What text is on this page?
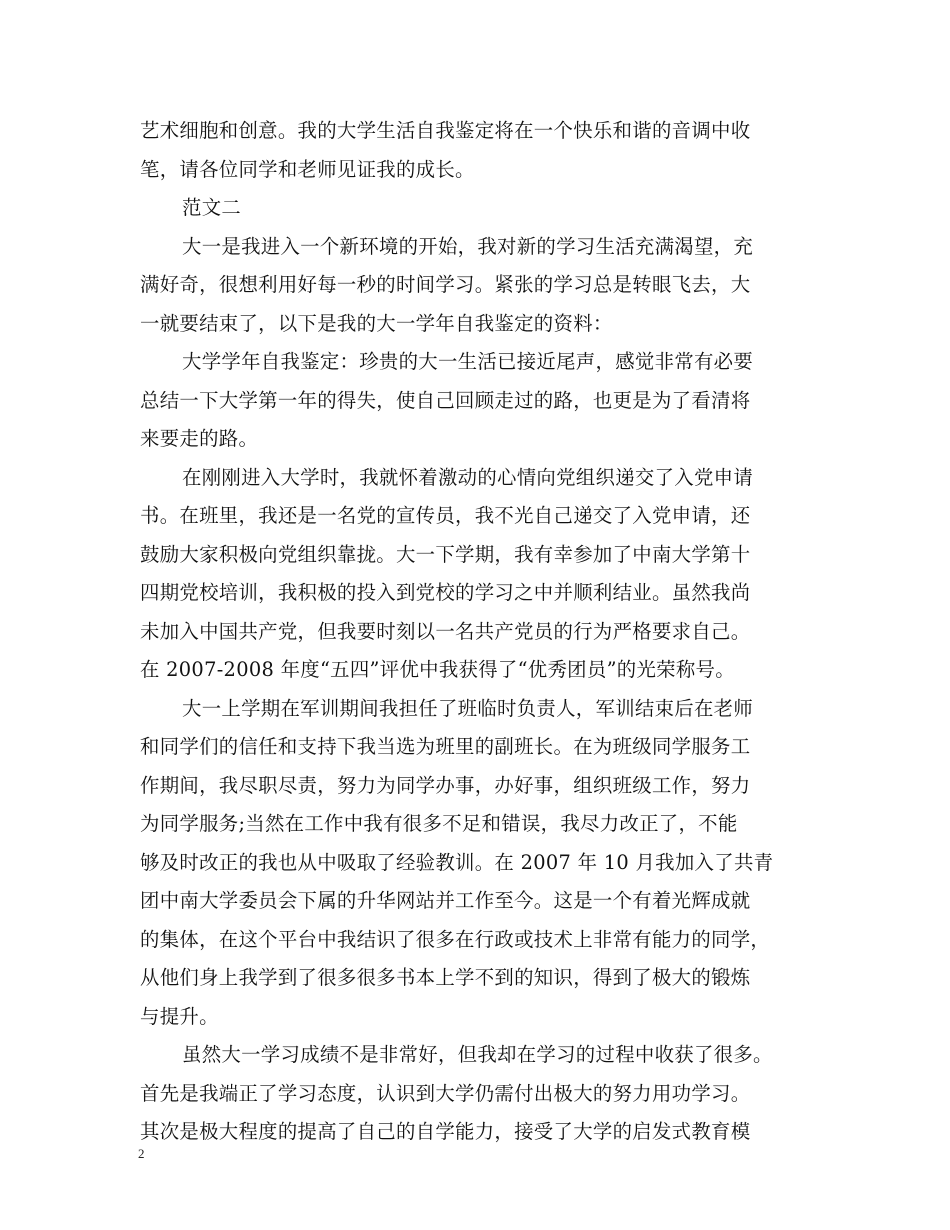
艺术细胞和创意。我的大学生活自我鉴定将在一个快乐和谐的音调中收
笔，请各位同学和老师见证我的成长。
范文二
大一是我进入一个新环境的开始，我对新的学习生活充满渴望，充
满好奇，很想利用好每一秒的时间学习。紧张的学习总是转眼飞去，大
一就要结束了，以下是我的大一学年自我鉴定的资料：
大学学年自我鉴定：珍贵的大一生活已接近尾声，感觉非常有必要
总结一下大学第一年的得失，使自己回顾走过的路，也更是为了看清将
来要走的路。
在刚刚进入大学时，我就怀着激动的心情向党组织递交了入党申请
书。在班里，我还是一名党的宣传员，我不光自己递交了入党申请，还
鼓励大家积极向党组织靠拢。大一下学期，我有幸参加了中南大学第十
四期党校培训，我积极的投入到党校的学习之中并顺利结业。虽然我尚
未加入中国共产党，但我要时刻以一名共产党员的行为严格要求自己。
在 2007-2008 年度“五四”评优中我获得了“优秀团员”的光荣称号。
大一上学期在军训期间我担任了班临时负责人，军训结束后在老师
和同学们的信任和支持下我当选为班里的副班长。在为班级同学服务工
作期间，我尽职尽责，努力为同学办事，办好事，组织班级工作，努力
为同学服务;当然在工作中我有很多不足和错误，我尽力改正了，不能
够及时改正的我也从中吸取了经验教训。在 2007 年 10 月我加入了共青
团中南大学委员会下属的升华网站并工作至今。这是一个有着光辉成就
的集体，在这个平台中我结识了很多在行政或技术上非常有能力的同学，
从他们身上我学到了很多很多书本上学不到的知识，得到了极大的锻炼
与提升。
虽然大一学习成绩不是非常好，但我却在学习的过程中收获了很多。
首先是我端正了学习态度，认识到大学仍需付出极大的努力用功学习。
其次是极大程度的提高了自己的自学能力，接受了大学的启发式教育模
2
